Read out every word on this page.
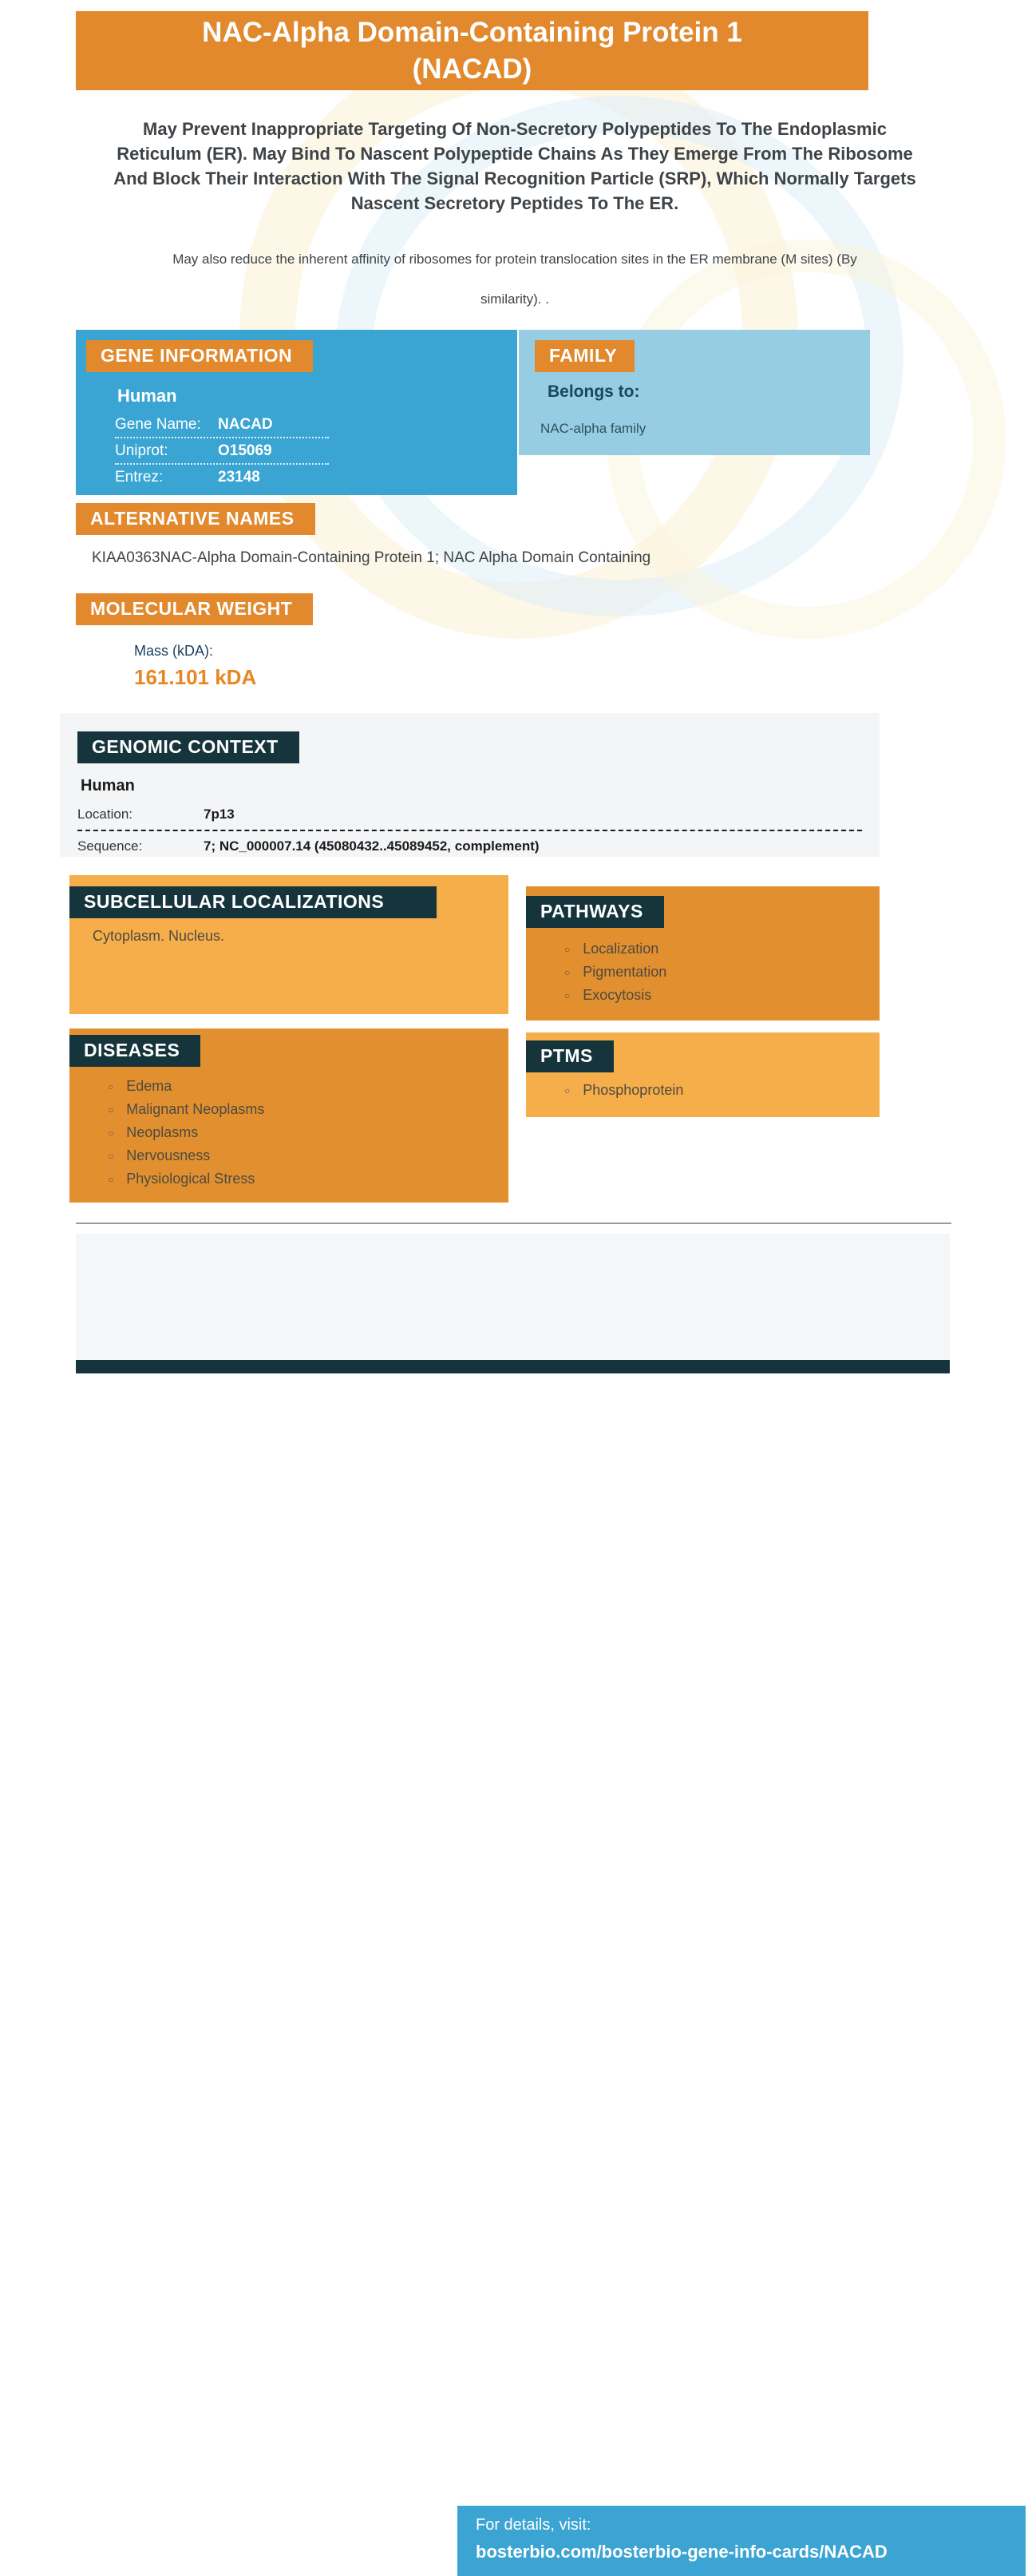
NAC-Alpha Domain-Containing Protein 1
(NACAD)
May Prevent Inappropriate Targeting Of Non-Secretory Polypeptides To The Endoplasmic Reticulum (ER). May Bind To Nascent Polypeptide Chains As They Emerge From The Ribosome And Block Their Interaction With The Signal Recognition Particle (SRP), Which Normally Targets Nascent Secretory Peptides To The ER.
May also reduce the inherent affinity of ribosomes for protein translocation sites in the ER membrane (M sites) (By similarity). .
GENE INFORMATION
Human
Gene Name:	NACAD
Uniprot:	O15069
Entrez:	23148
FAMILY
Belongs to:
NAC-alpha family
ALTERNATIVE NAMES
KIAA0363NAC-Alpha Domain-Containing Protein 1; NAC Alpha Domain Containing
MOLECULAR WEIGHT
Mass (kDA):
161.101 kDA
GENOMIC CONTEXT
Human
Location:	7p13
Sequence:	7; NC_000007.14 (45080432..45089452, complement)
SUBCELLULAR LOCALIZATIONS
Cytoplasm. Nucleus.
PATHWAYS
○ Localization
○ Pigmentation
○ Exocytosis
DISEASES
○ Edema
○ Malignant Neoplasms
○ Neoplasms
○ Nervousness
○ Physiological Stress
PTMS
○ Phosphoprotein
For details, visit:
bosterbio.com/bosterbio-gene-info-cards/NACAD
